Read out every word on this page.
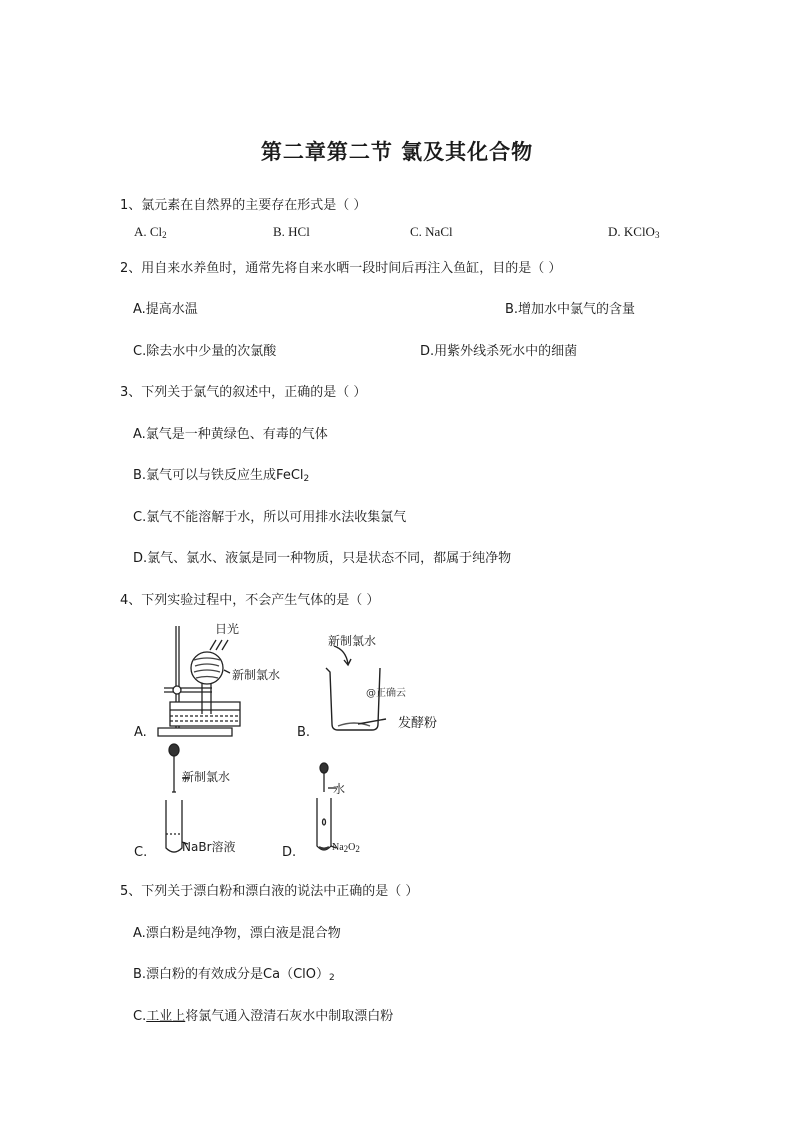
第二章第二节 氯及其化合物
1、氯元素在自然界的主要存在形式是（ ）
A. $Cl_2$	B. HCl	C. NaCl	D. KClO$_3$
2、用自来水养鱼时，通常先将自来水晒一段时间后再注入鱼缸，目的是（ ）
A.提高水温	B.增加水中氯气的含量
C.除去水中少量的次氯酸	D.用紫外线杀死水中的细菌
3、下列关于氯气的叙述中，正确的是（ ）
A.氯气是一种黄绿色、有毒的气体
B.氯气可以与铁反应生成FeCl$_2$
C.氯气不能溶解于水，所以可用排水法收集氯气
D.氯气、氯水、液氯是同一种物质，只是状态不同，都属于纯净物
4、下列实验过程中，不会产生气体的是（ ）
日光
新制氯水
A.
新制氯水
@正确云
发酵粉
B.
新制氯水
NaBr溶液
C.
水
$Na_2O_2$
D.
5、下列关于漂白粉和漂白液的说法中正确的是（ ）
A.漂白粉是纯净物，漂白液是混合物
B.漂白粉的有效成分是$Ca(ClO)_2$
C.工业上将氯气通入澄清石灰水中制取漂白粉
